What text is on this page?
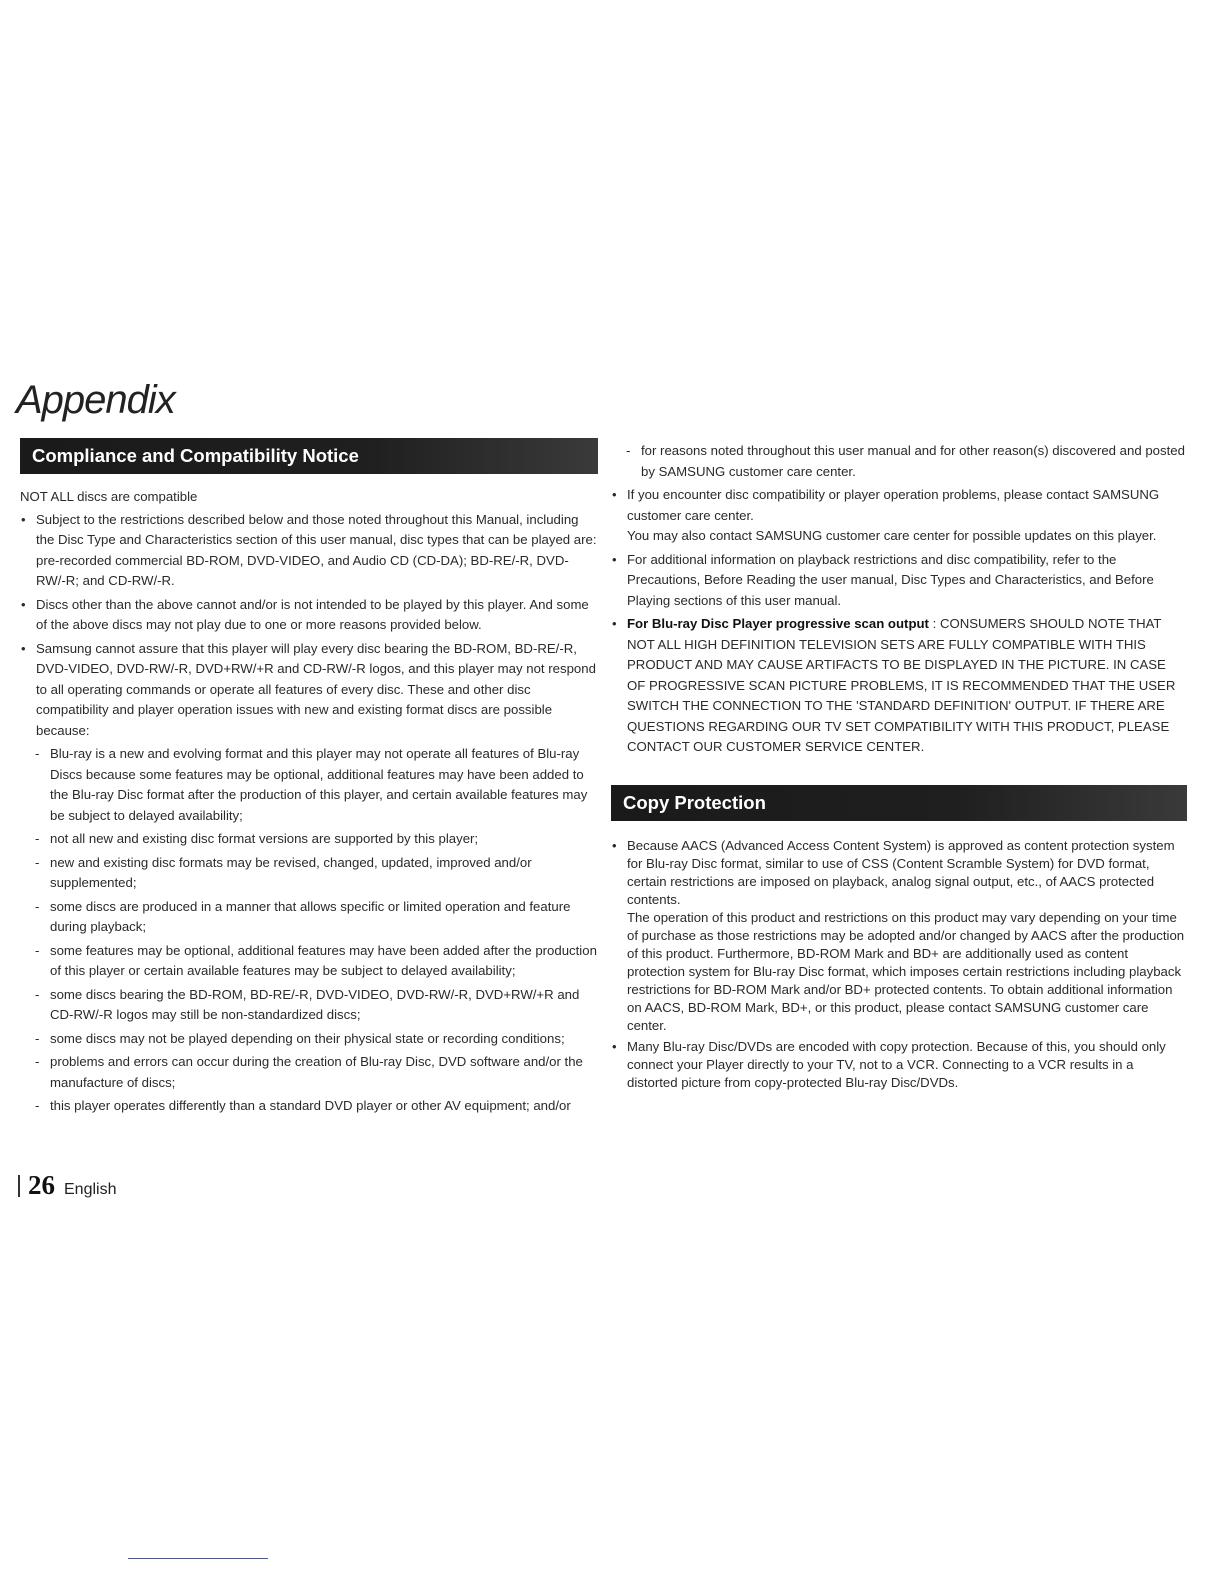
Appendix
Compliance and Compatibility Notice

NOT ALL discs are compatible

• Subject to the restrictions described below and those noted throughout this Manual, including the Disc Type and Characteristics section of this user manual, disc types that can be played are: pre-recorded commercial BD-ROM, DVD-VIDEO, and Audio CD (CD-DA); BD-RE/-R, DVD-RW/-R; and CD-RW/-R.
• Discs other than the above cannot and/or is not intended to be played by this player. And some of the above discs may not play due to one or more reasons provided below.
• Samsung cannot assure that this player will play every disc bearing the BD-ROM, BD-RE/-R, DVD-VIDEO, DVD-RW/-R, DVD+RW/+R and CD-RW/-R logos, and this player may not respond to all operating commands or operate all features of every disc. These and other disc compatibility and player operation issues with new and existing format discs are possible because:
- Blu-ray is a new and evolving format and this player may not operate all features of Blu-ray Discs because some features may be optional, additional features may have been added to the Blu-ray Disc format after the production of this player, and certain available features may be subject to delayed availability;
- not all new and existing disc format versions are supported by this player;
- new and existing disc formats may be revised, changed, updated, improved and/or supplemented;
- some discs are produced in a manner that allows specific or limited operation and feature during playback;
- some features may be optional, additional features may have been added after the production of this player or certain available features may be subject to delayed availability;
- some discs bearing the BD-ROM, BD-RE/-R, DVD-VIDEO, DVD-RW/-R, DVD+RW/+R and CD-RW/-R logos may still be non-standardized discs;
- some discs may not be played depending on their physical state or recording conditions;
- problems and errors can occur during the creation of Blu-ray Disc, DVD software and/or the manufacture of discs;
- this player operates differently than a standard DVD player or other AV equipment; and/or
- for reasons noted throughout this user manual and for other reason(s) discovered and posted by SAMSUNG customer care center.
• If you encounter disc compatibility or player operation problems, please contact SAMSUNG customer care center.
You may also contact SAMSUNG customer care center for possible updates on this player.
• For additional information on playback restrictions and disc compatibility, refer to the Precautions, Before Reading the user manual, Disc Types and Characteristics, and Before Playing sections of this user manual.
• For Blu-ray Disc Player progressive scan output : CONSUMERS SHOULD NOTE THAT NOT ALL HIGH DEFINITION TELEVISION SETS ARE FULLY COMPATIBLE WITH THIS PRODUCT AND MAY CAUSE ARTIFACTS TO BE DISPLAYED IN THE PICTURE. IN CASE OF PROGRESSIVE SCAN PICTURE PROBLEMS, IT IS RECOMMENDED THAT THE USER SWITCH THE CONNECTION TO THE 'STANDARD DEFINITION' OUTPUT. IF THERE ARE QUESTIONS REGARDING OUR TV SET COMPATIBILITY WITH THIS PRODUCT, PLEASE CONTACT OUR CUSTOMER SERVICE CENTER.
Copy Protection
• Because AACS (Advanced Access Content System) is approved as content protection system for Blu-ray Disc format, similar to use of CSS (Content Scramble System) for DVD format, certain restrictions are imposed on playback, analog signal output, etc., of AACS protected contents.
The operation of this product and restrictions on this product may vary depending on your time of purchase as those restrictions may be adopted and/or changed by AACS after the production of this product. Furthermore, BD-ROM Mark and BD+ are additionally used as content protection system for Blu-ray Disc format, which imposes certain restrictions including playback restrictions for BD-ROM Mark and/or BD+ protected contents. To obtain additional information on AACS, BD-ROM Mark, BD+, or this product, please contact SAMSUNG customer care center.
• Many Blu-ray Disc/DVDs are encoded with copy protection. Because of this, you should only connect your Player directly to your TV, not to a VCR. Connecting to a VCR results in a distorted picture from copy-protected Blu-ray Disc/DVDs.
26 English
